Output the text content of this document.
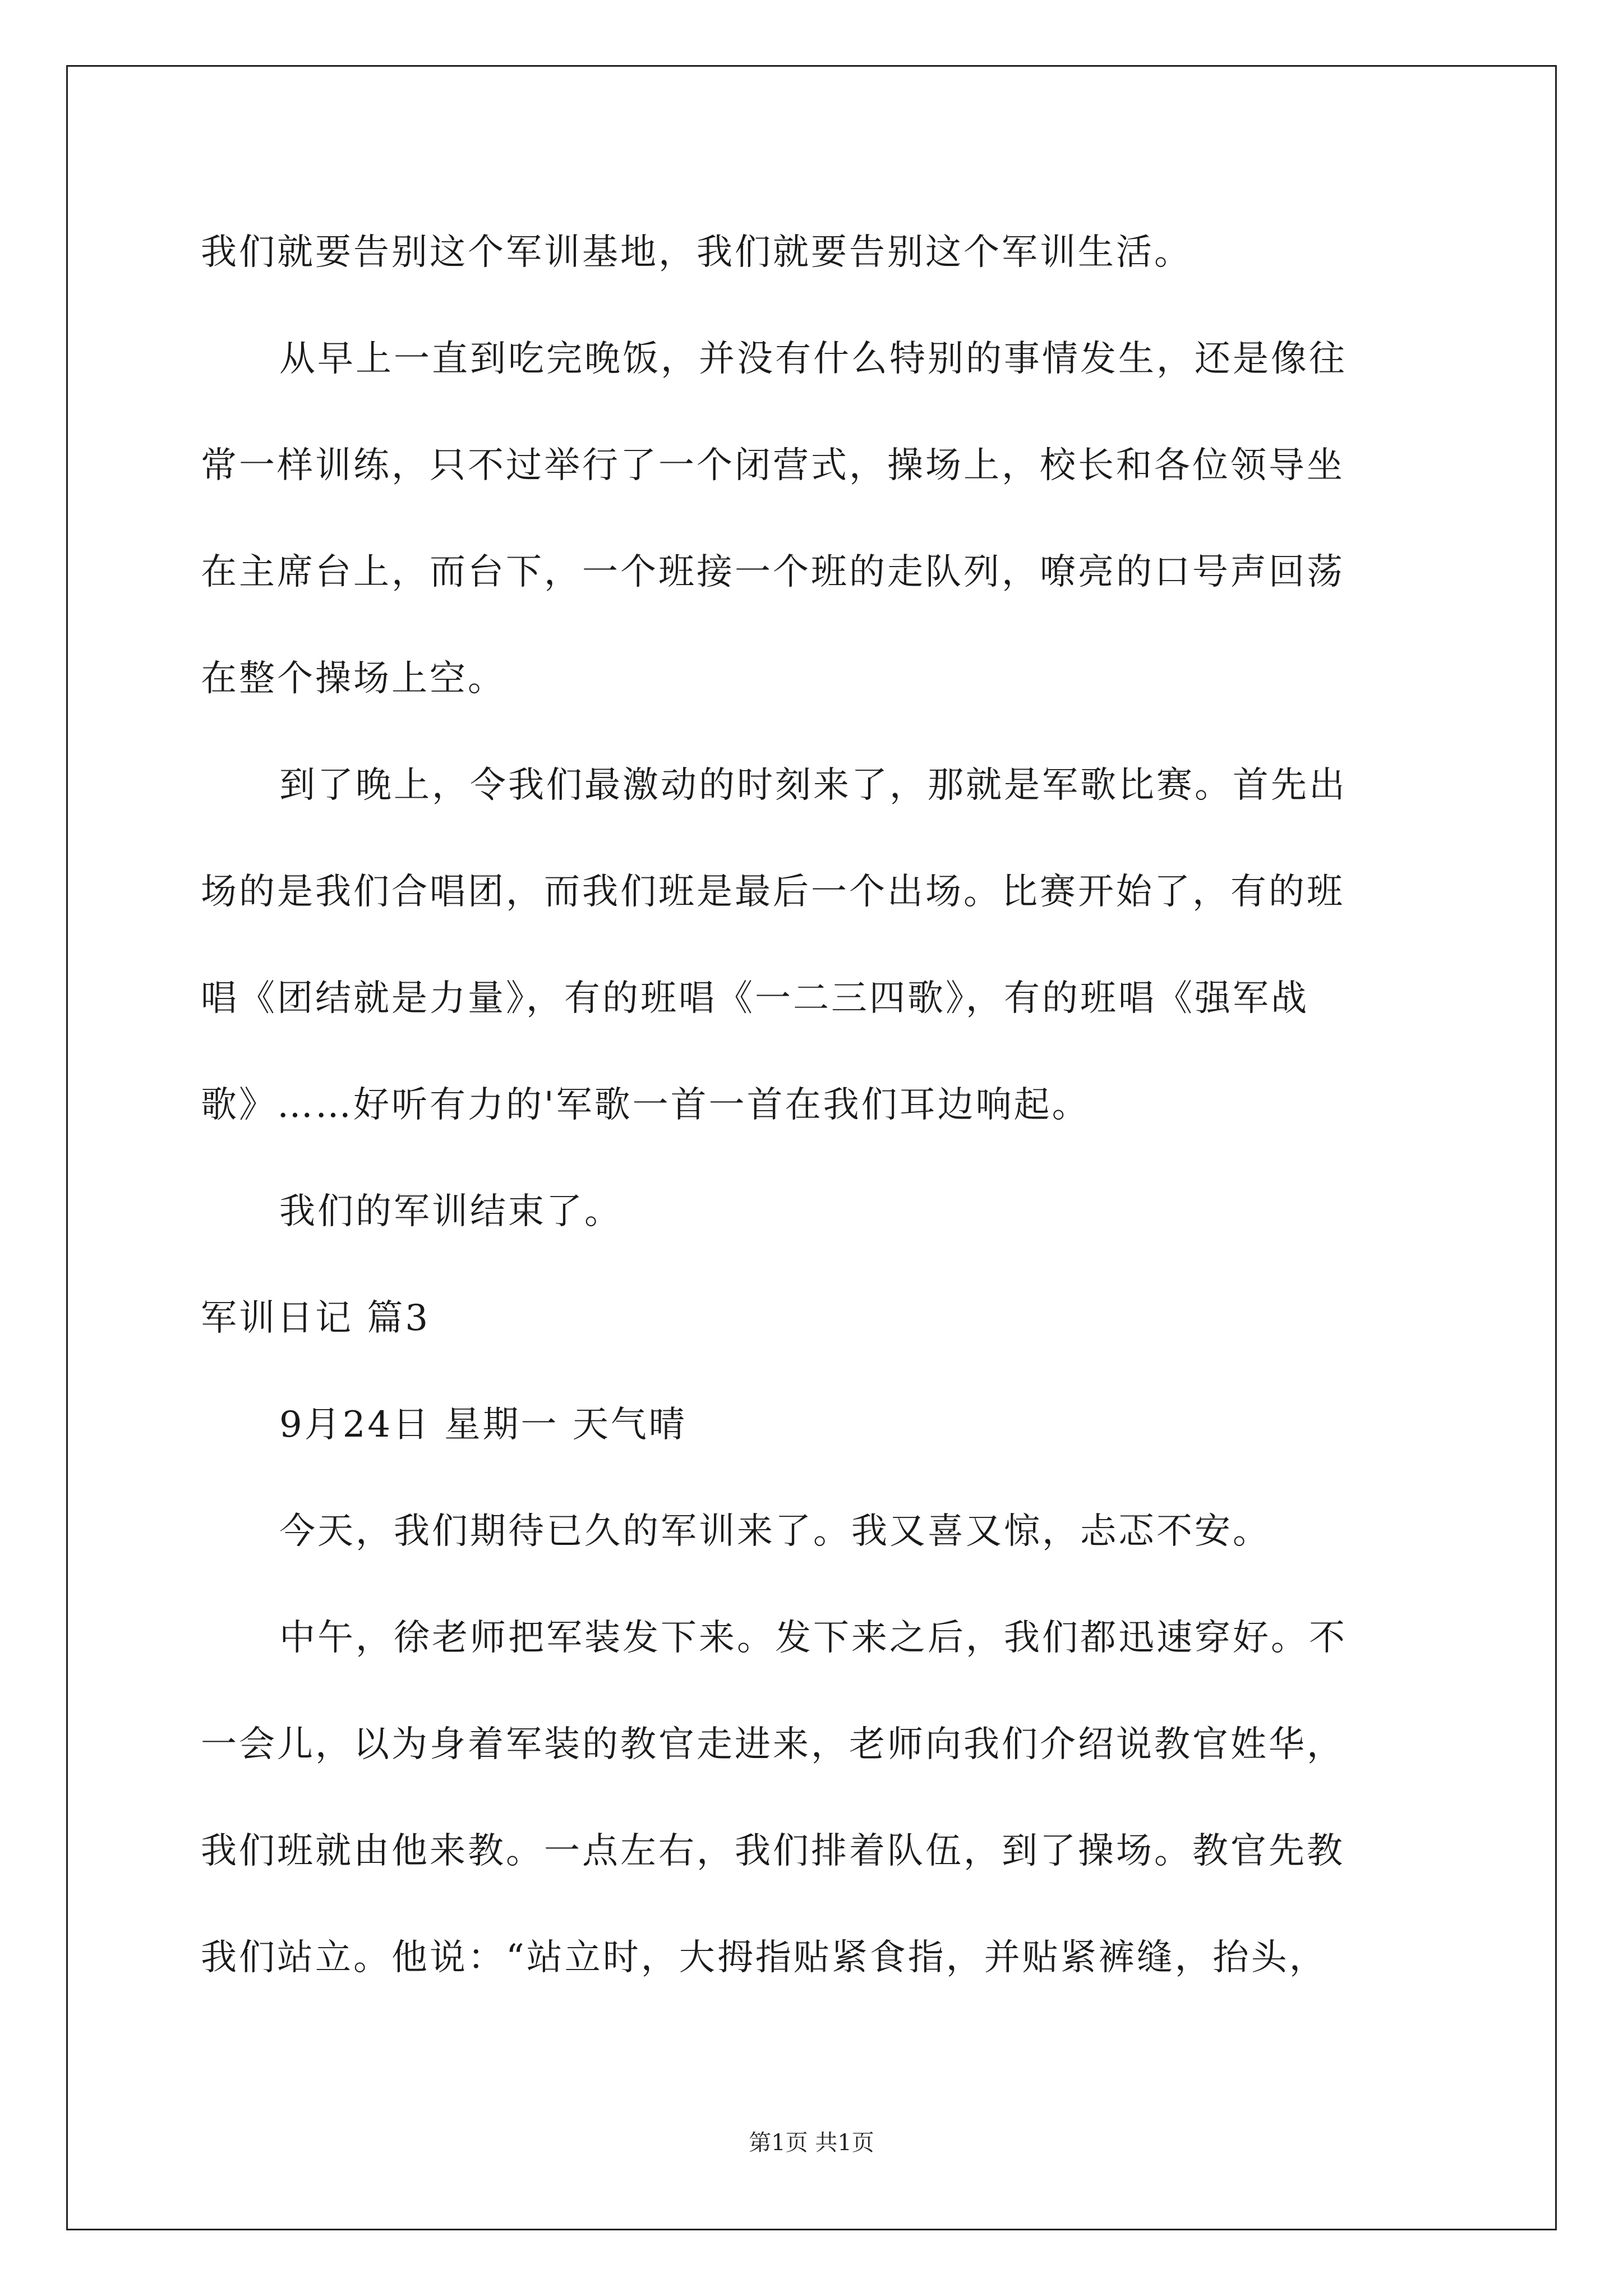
我们就要告别这个军训基地，我们就要告别这个军训生活。
从早上一直到吃完晚饭，并没有什么特别的事情发生，还是像往
常一样训练，只不过举行了一个闭营式，操场上，校长和各位领导坐
在主席台上，而台下，一个班接一个班的走队列，嘹亮的口号声回荡
在整个操场上空。
到了晚上，令我们最激动的时刻来了，那就是军歌比赛。首先出
场的是我们合唱团，而我们班是最后一个出场。比赛开始了，有的班
唱《团结就是力量》，有的班唱《一二三四歌》，有的班唱《强军战
歌》……好听有力的'军歌一首一首在我们耳边响起。
我们的军训结束了。
军训日记 篇3
9月24日 星期一 天气晴
今天，我们期待已久的军训来了。我又喜又惊，忐忑不安。
中午，徐老师把军装发下来。发下来之后，我们都迅速穿好。不
一会儿，以为身着军装的教官走进来，老师向我们介绍说教官姓华，
我们班就由他来教。一点左右，我们排着队伍，到了操场。教官先教
我们站立。他说：“站立时，大拇指贴紧食指，并贴紧裤缝，抬头，
第1页 共1页
